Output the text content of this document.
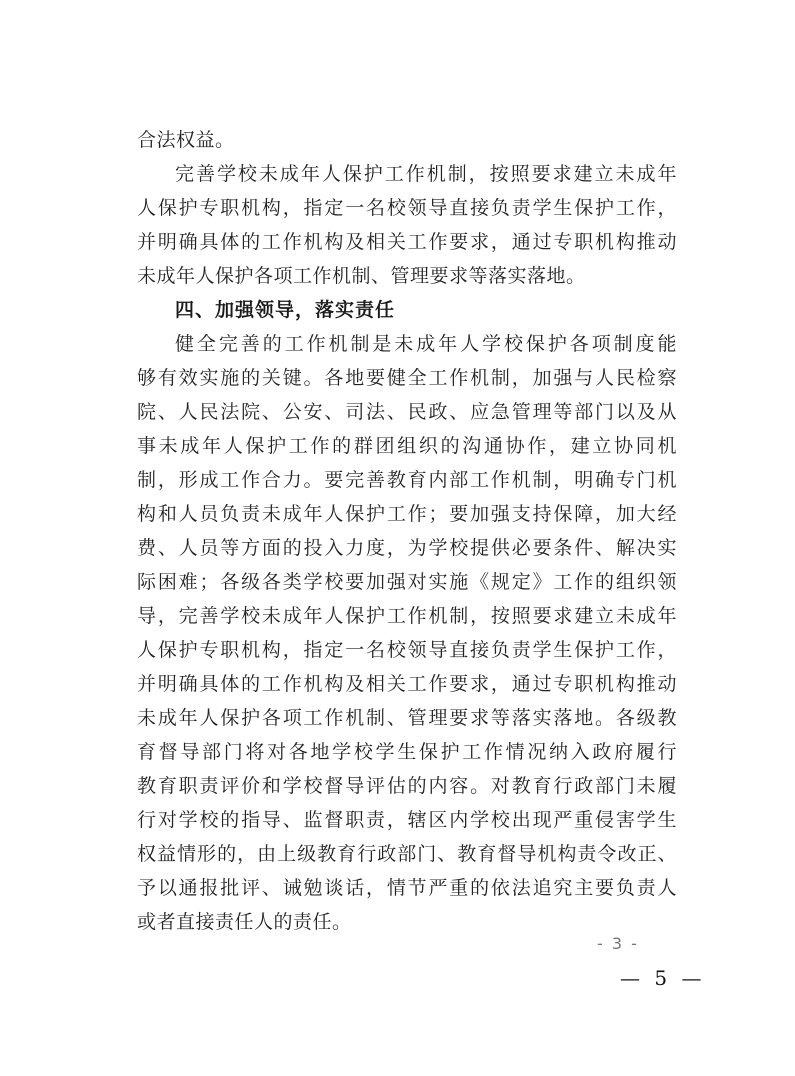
合法权益。
完善学校未成年人保护工作机制，按照要求建立未成年
人保护专职机构，指定一名校领导直接负责学生保护工作，
并明确具体的工作机构及相关工作要求，通过专职机构推动
未成年人保护各项工作机制、管理要求等落实落地。
四、加强领导，落实责任
健全完善的工作机制是未成年人学校保护各项制度能
够有效实施的关键。各地要健全工作机制，加强与人民检察
院、人民法院、公安、司法、民政、应急管理等部门以及从
事未成年人保护工作的群团组织的沟通协作，建立协同机
制，形成工作合力。要完善教育内部工作机制，明确专门机
构和人员负责未成年人保护工作；要加强支持保障，加大经
费、人员等方面的投入力度，为学校提供必要条件、解决实
际困难；各级各类学校要加强对实施《规定》工作的组织领
导，完善学校未成年人保护工作机制，按照要求建立未成年
人保护专职机构，指定一名校领导直接负责学生保护工作，
并明确具体的工作机构及相关工作要求，通过专职机构推动
未成年人保护各项工作机制、管理要求等落实落地。各级教
育督导部门将对各地学校学生保护工作情况纳入政府履行
教育职责评价和学校督导评估的内容。对教育行政部门未履
行对学校的指导、监督职责，辖区内学校出现严重侵害学生
权益情形的，由上级教育行政部门、教育督导机构责令改正、
予以通报批评、诫勉谈话，情节严重的依法追究主要负责人
或者直接责任人的责任。
- 3 -
— 5 —
